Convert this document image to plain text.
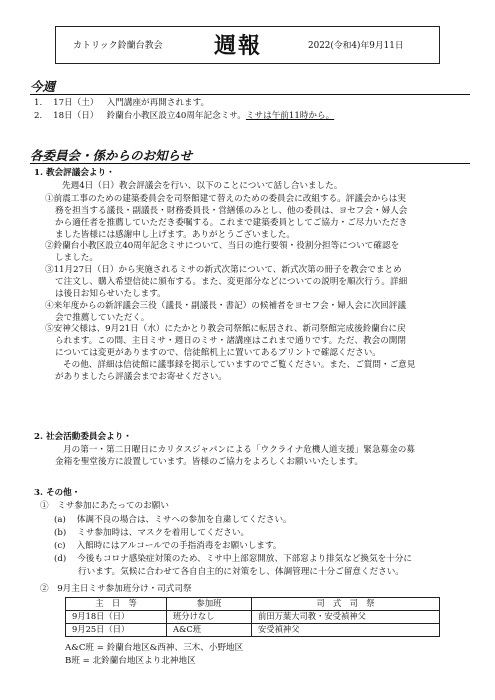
カトリック鈴蘭台教会 週報	2022(令和4)年9月11日
今週
1. 17日（土） 入門講座が再開されます。
2. 18日（日） 鈴蘭台小教区設立40周年記念ミサ。ミサは午前11時から。
各委員会・係からのお知らせ
1. 教会評議会より・
先週4日（日）教会評議会を行い、以下のことについて話し合いました。
①前震工事のための建築委員会を司祭館建て替えのための委員会に改組する。評議会からは実
務を担当する議長・副議長・財務委員長・営繕係のみとし、他の委員は、ヨセフ会・婦人会
から適任者を推薦していただき委嘱する。これまで建築委員としてご協力・ご尽力いただき
ました皆様には感謝申し上げます。ありがとうございました。
②鈴蘭台小教区設立40周年記念ミサについて、当日の進行要領・役割分担等について確認を
しました。
③11月27日（日）から実施されるミサの新式次第について、新式次第の冊子を教会でまとめ
て注文し、購入希望信徒に頒布する。また、変更部分などについての説明を順次行う。詳細
は後日お知らせいたします。
④来年度からの新評議会三役（議長・副議長・書記）の候補者をヨセフ会・婦人会に次回評議
会で推薦していただく。
⑤安神父様は、9月21日（水）にたかとり教会司祭館に転居され、新司祭館完成後鈴蘭台に戻
られます。この間、主日ミサ・週日のミサ・諸講座はこれまで通りです。ただ、教会の開閉
については変更がありますので、信徒館机上に置いてあるプリントで確認ください。
その他、詳細は信徒館に議事録を掲示していますのでご覧ください。また、ご質問・ご意見
がありましたら評議会までお寄せください。
2. 社会活動委員会より・
月の第一・第二日曜日にカリタスジャパンによる「ウクライナ危機人道支援」緊急募金の募
金箱を聖堂後方に設置しています。皆様のご協力をよろしくお願いいたします。
3. その他・
①　ミサ参加にあたってのお願い
(a) 体調不良の場合は、ミサへの参加を自粛してください。
(b) ミサ参加時は、マスクを着用してください。
(c) 入館時にはアルコールでの手指消毒をお願いします。
(d) 今後もコロナ感染症対策のため、ミサ中上部窓開放、下部窓より排気など換気を十分に
行います。気候に合わせて各自自主的に対策をし、体調管理に十分ご留意ください。
②　9月主日ミサ参加班分け・司式司祭
主　日　等	参加班	司　式　司　祭
9月18日（日）	班分けなし	前田万葉大司教・安受禎神父
9月25日（日）	A&C班	安受禎神父
A&C班 = 鈴蘭台地区&西神、三木、小野地区
B班 = 北鈴蘭台地区より北神地区
